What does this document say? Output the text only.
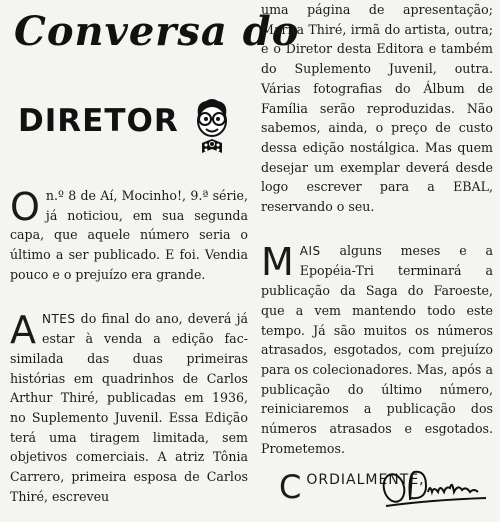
Conversa do
DIRETOR

O n.º 8 de Aí, Mocinho!, 9.ª série, já noticiou, em sua segunda capa, que aquele número seria o último a ser publicado. E foi. Vendia pouco e o prejuízo era grande.

A NTES do final do ano, deverá já estar à venda a edição fac-similada das duas primeiras histórias em quadrinhos de Carlos Arthur Thiré, publicadas em 1936, no Suplemento Juvenil. Essa Edição terá uma tiragem limitada, sem objetivos comerciais. A atriz Tônia Carrero, primeira esposa de Carlos Thiré, escreveu

uma página de apresentação; Marita Thiré, irmã do artista, outra; e o Diretor desta Editora e também do Suplemento Juvenil, outra. Várias fotografias do Álbum de Família serão reproduzidas. Não sabemos, ainda, o preço de custo dessa edição nostálgica. Mas quem desejar um exemplar deverá desde logo escrever para a EBAL, reservando o seu.

M AIS alguns meses e a Epopéia-Tri terminará a publicação da Saga do Faroeste, que a vem mantendo todo este tempo. Já são muitos os números atrasados, esgotados, com prejuízo para os colecionadores. Mas, após a publicação do último número, reiniciaremos a publicação dos números atrasados e esgotados. Prometemos.

C ORDIALMENTE,
